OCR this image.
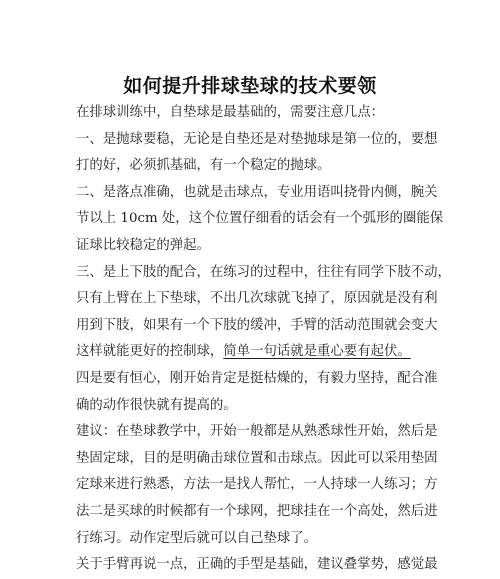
如何提升排球垫球的技术要领
在排球训练中，自垫球是最基础的，需要注意几点：
一、是抛球要稳，无论是自垫还是对垫抛球是第一位的，要想
打的好，必须抓基础，有一个稳定的抛球。
二、是落点准确，也就是击球点，专业用语叫挠骨内侧，腕关
节以上 10cm 处，这个位置仔细看的话会有一个弧形的圈能保
证球比较稳定的弹起。
三、是上下肢的配合，在练习的过程中，往往有同学下肢不动，
只有上臂在上下垫球，不出几次球就飞掉了，原因就是没有利
用到下肢，如果有一个下肢的缓冲，手臂的活动范围就会变大
这样就能更好的控制球，简单一句话就是重心要有起伏。
四是要有恒心，刚开始肯定是挺枯燥的，有毅力坚持，配合准
确的动作很快就有提高的。
建议：在垫球教学中，开始一般都是从熟悉球性开始，然后是
垫固定球，目的是明确击球位置和击球点。因此可以采用垫固
定球来进行熟悉，方法一是找人帮忙，一人持球一人练习；方
法二是买球的时候都有一个球网，把球挂在一个高处，然后进
行练习。动作定型后就可以自己垫球了。
关于手臂再说一点，正确的手型是基础，建议叠掌势，感觉最
